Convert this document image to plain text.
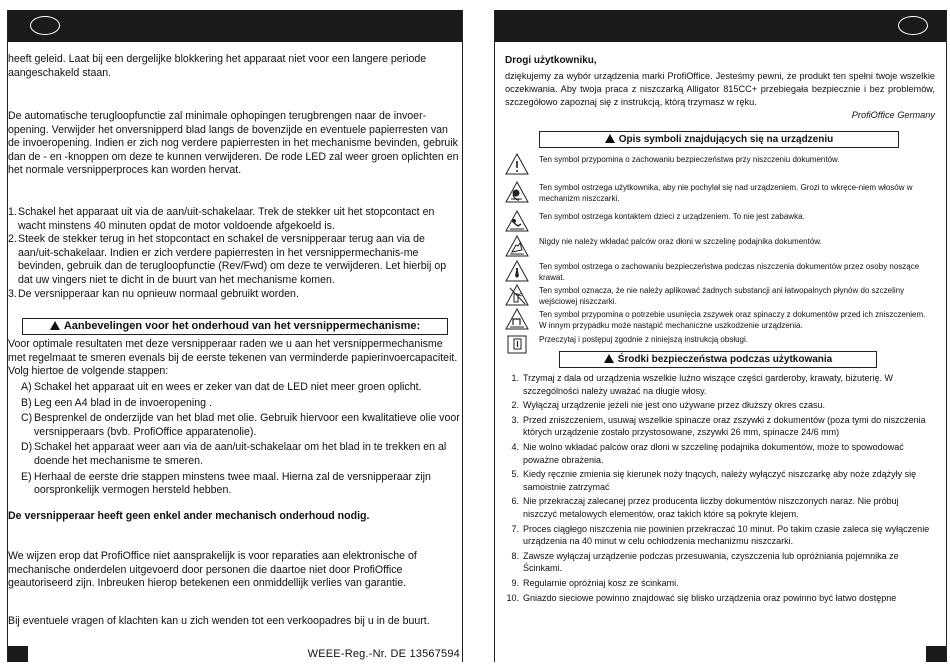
heeft geleid. Laat bij een dergelijke blokkering het apparaat niet voor een langere periode aangeschakeld staan.

De automatische terugloopfunctie zal minimale ophopingen terugbrengen naar de invoer-opening. Verwijder het onversnipperd blad langs de bovenzijde en eventuele papierresten van de invoeropening. Indien er zich nog verdere papierresten in het mechanisme bevinden, gebruik dan de - en -knoppen om deze te kunnen verwijderen. De rode LED zal weer groen oplichten en het normale versnipperproces kan worden hervat.

1. Schakel het apparaat uit via de aan/uit-schakelaar. Trek de stekker uit het stopcontact en wacht minstens 40 minuten opdat de motor voldoende afgekoeld is.
2. Steek de stekker terug in het stopcontact en schakel de versnipperaar terug aan via de aan/uit-schakelaar. Indien er zich verdere papierresten in het versnippermechanis-me bevinden, gebruik dan de terugloopfunctie (Rev/Fwd) om deze te verwijderen. Let hierbij op dat uw vingers niet te dicht in de buurt van het mechanisme komen.
3. De versnipperaar kan nu opnieuw normaal gebruikt worden.
Aanbevelingen voor het onderhoud van het versnippermechanisme:

Voor optimale resultaten met deze versnipperaar raden we u aan het versnippermechanisme met regelmaat te smeren evenals bij de eerste tekenen van verminderde papierinvoercapaciteit. Volg hiertoe de volgende stappen:

A) Schakel het apparaat uit en wees er zeker van dat de LED niet meer groen oplicht.
B) Leg een A4 blad in de invoeropening .
C) Besprenkel de onderzijde van het blad met olie. Gebruik hiervoor een kwalitatieve olie voor versnipperaars (bvb. ProfiOffice apparatenolie).
D) Schakel het apparaat weer aan via de aan/uit-schakelaar om het blad in te trekken en al doende het mechanisme te smeren.
E) Herhaal de eerste drie stappen minstens twee maal. Hierna zal de versnipperaar zijn oorspronkelijk vermogen hersteld hebben.

De versnipperaar heeft geen enkel ander mechanisch onderhoud nodig.

We wijzen erop dat ProfiOffice niet aansprakelijk is voor reparaties aan elektronische of mechanische onderdelen uitgevoerd door personen die daartoe niet door ProfiOffice geautoriseerd zijn. Inbreuken hierop betekenen een onmiddellijk verlies van garantie.

Bij eventuele vragen of klachten kan u zich wenden tot een verkoopadres bij u in de buurt.

WEEE-Reg.-Nr. DE 13567594
Drogi użytkowniku,
dziękujemy za wybór urządzenia marki ProfiOffice. Jesteśmy pewni, że produkt ten spełni twoje wszelkie oczekiwania. Aby twoja praca z niszczarką Alligator 815CC+ przebiegała bezpiecznie i bez problemów, szczegółowo zapoznaj się z instrukcją, którą trzymasz w ręku.
ProfiOffice Germany
Opis symboli znajdujących się na urządzeniu
Ten symbol przypomina o zachowaniu bezpieczeństwa przy niszczeniu dokumentów.
Ten symbol ostrzega użytkownika, aby nie pochylał się nad urządzeniem. Grozi to wkręce-niem włosów w mechanizm niszczarki.
Ten symbol ostrzega kontaktem dzieci z urządzeniem. To nie jest zabawka.
Nigdy nie należy wkładać palców oraz dłoni w szczelinę podajnika dokumentów.
Ten symbol ostrzega o zachowaniu bezpieczeństwa podczas niszczenia dokumentów przez osoby noszące krawat.
Ten symbol oznacza, że nie należy aplikować żadnych substancji ani łatwopalnych płynów do szczeliny wejściowej niszczarki.
Ten symbol przypomina o potrzebie usunięcia zszywek oraz spinaczy z dokumentów przed ich zniszczeniem. W innym przypadku może nastąpić mechaniczne uszkodzenie urządzenia.
Przeczytaj i postępuj zgodnie z niniejszą instrukcją obsługi.
Środki bezpieczeństwa podczas użytkowania
1. Trzymaj z dala od urządzenia wszelkie luźno wiszące części garderoby, krawaty, biżuterię. W szczególności należy uważać na długie włosy.
2. Wyłączaj urządzenie jeżeli nie jest ono używane przez dłuższy okres czasu.
3. Przed zniszczeniem, usuwaj wszelkie spinacze oraz zszywki z dokumentów (poza tymi do niszczenia których urządzenie zostało przystosowane, zszywki 26 mm, spinacze 24/6 mm)
4. Nie wolno wkładać palców oraz dłoni w szczelinę podajnika dokumentów, może to spowodować poważne obrażenia.
5. Kiedy ręcznie zmienia się kierunek noży tnących, należy wyłączyć niszczarkę aby noże zdążyły się samoistnie zatrzymać
6. Nie przekraczaj zalecanej przez producenta liczby dokumentów niszczonych naraz. Nie próbuj niszczyć metalowych elementów, oraz takich które są pokryte klejem.
7. Proces ciągłego niszczenia nie powinien przekraczać 10 minut. Po takim czasie zaleca się wyłączenie urządzenia na 40 minut w celu ochłodzenia mechanizmu niszczarki.
8. Zawsze wyłączaj urządzenie podczas przesuwania, czyszczenia lub opróżniania pojemnika ze Ścinkami.
9. Regularnie opróżniaj kosz ze ścinkami.
10. Gniazdo sieciowe powinno znajdować się blisko urządzenia oraz powinno być łatwo dostępne
